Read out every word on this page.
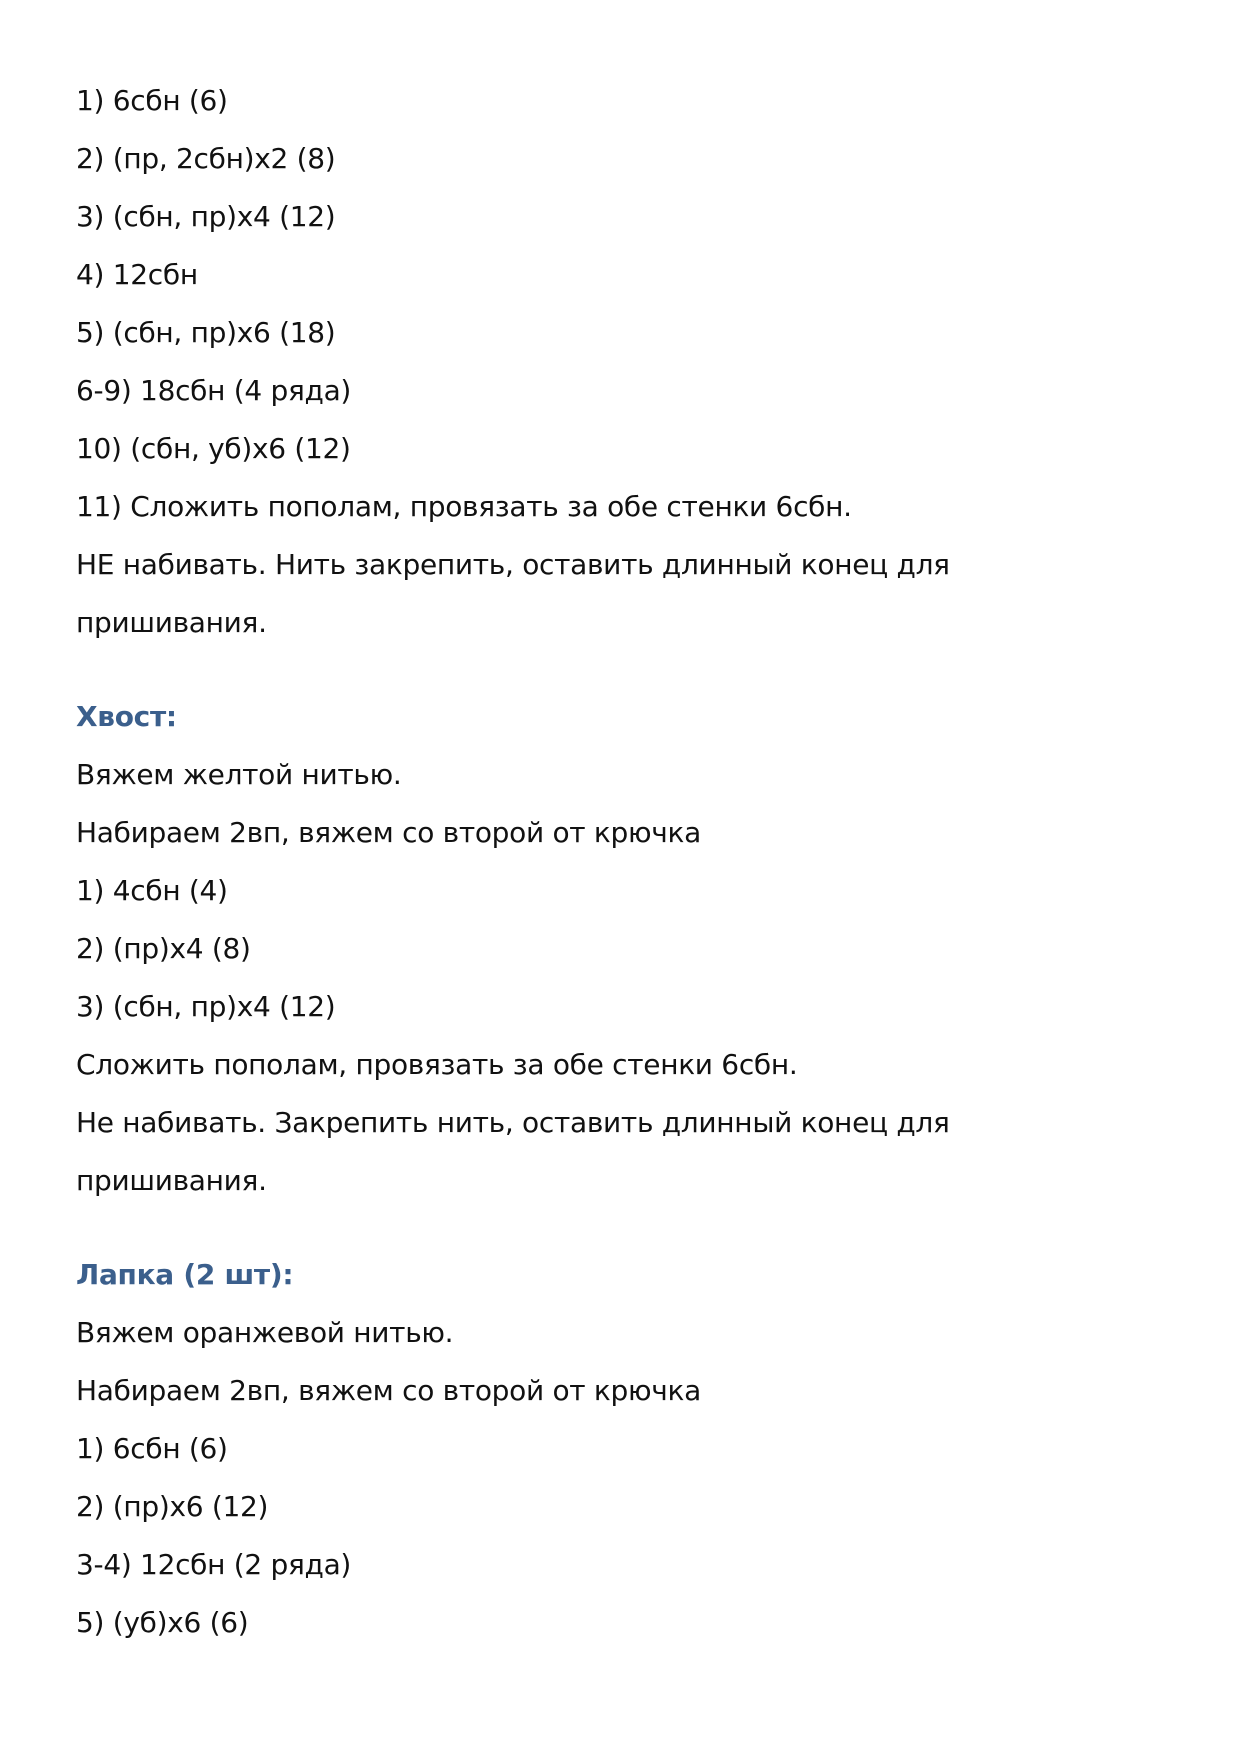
1) 6сбн (6)
2) (пр, 2сбн)х2 (8)
3) (сбн, пр)х4 (12)
4) 12сбн
5) (сбн, пр)х6 (18)
6-9) 18сбн (4 ряда)
10) (сбн, уб)х6 (12)
11) Сложить пополам, провязать за обе стенки 6сбн.
НЕ набивать. Нить закрепить, оставить длинный конец для
пришивания.
Хвост:
Вяжем желтой нитью.
Набираем 2вп, вяжем со второй от крючка
1) 4сбн (4)
2) (пр)х4 (8)
3) (сбн, пр)х4 (12)
Сложить пополам, провязать за обе стенки 6сбн.
Не набивать. Закрепить нить, оставить длинный конец для
пришивания.
Лапка (2 шт):
Вяжем оранжевой нитью.
Набираем 2вп, вяжем со второй от крючка
1) 6сбн (6)
2) (пр)х6 (12)
3-4) 12сбн (2 ряда)
5) (уб)х6 (6)
